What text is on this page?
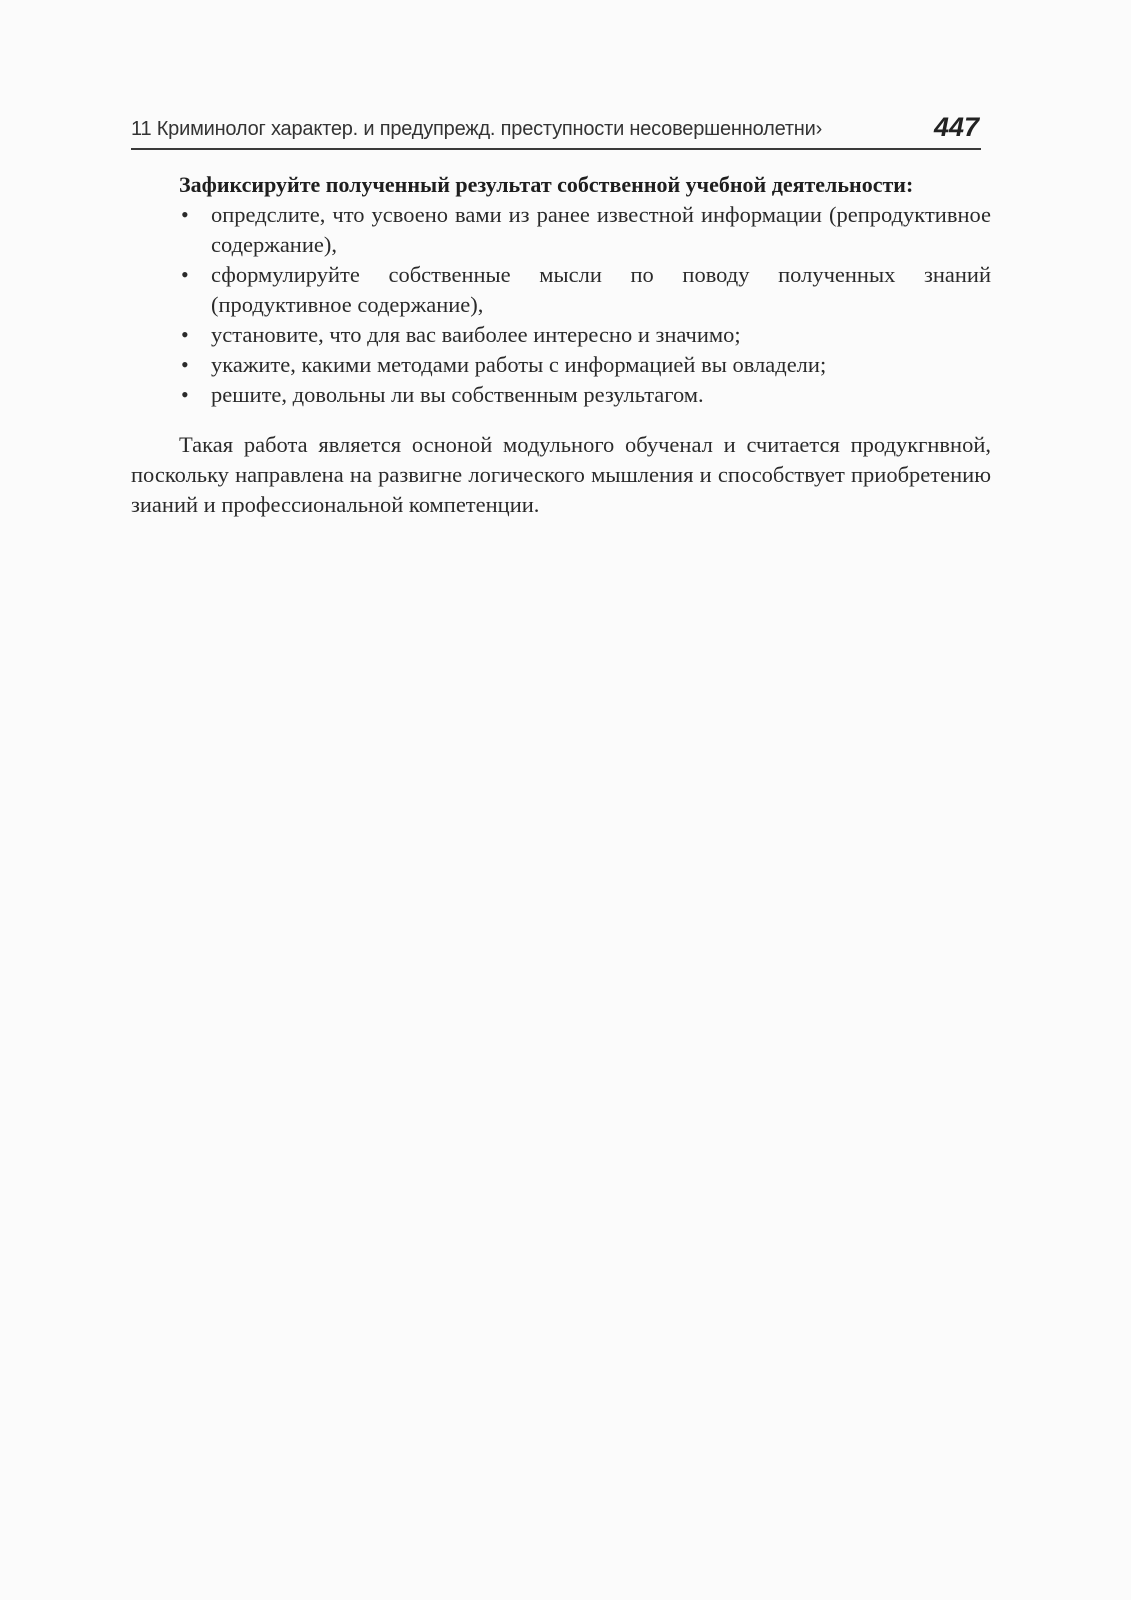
11 Криминолог характер. и предупрежд. преступности несовершеннолетни›	447

Зафиксируйте полученный результат собственной учебной деятельности:

• опредслите, что усвоено вами из ранее известной информации (репродуктивное содержание),
• сформулируйте собственные мысли по поводу полученных знаний (продуктивное содержание),
• установите, что для вас ваиболее интересно и значимо;
• укажите, какими методами работы с информацией вы овладели;
• решите, довольны ли вы собственным результагом.

Такая работа является осноной модульного обученал и считается продукгнвной, поскольку направлена на развигне логического мышления и способствует приобретению зианий и профессиональной компетенции.
